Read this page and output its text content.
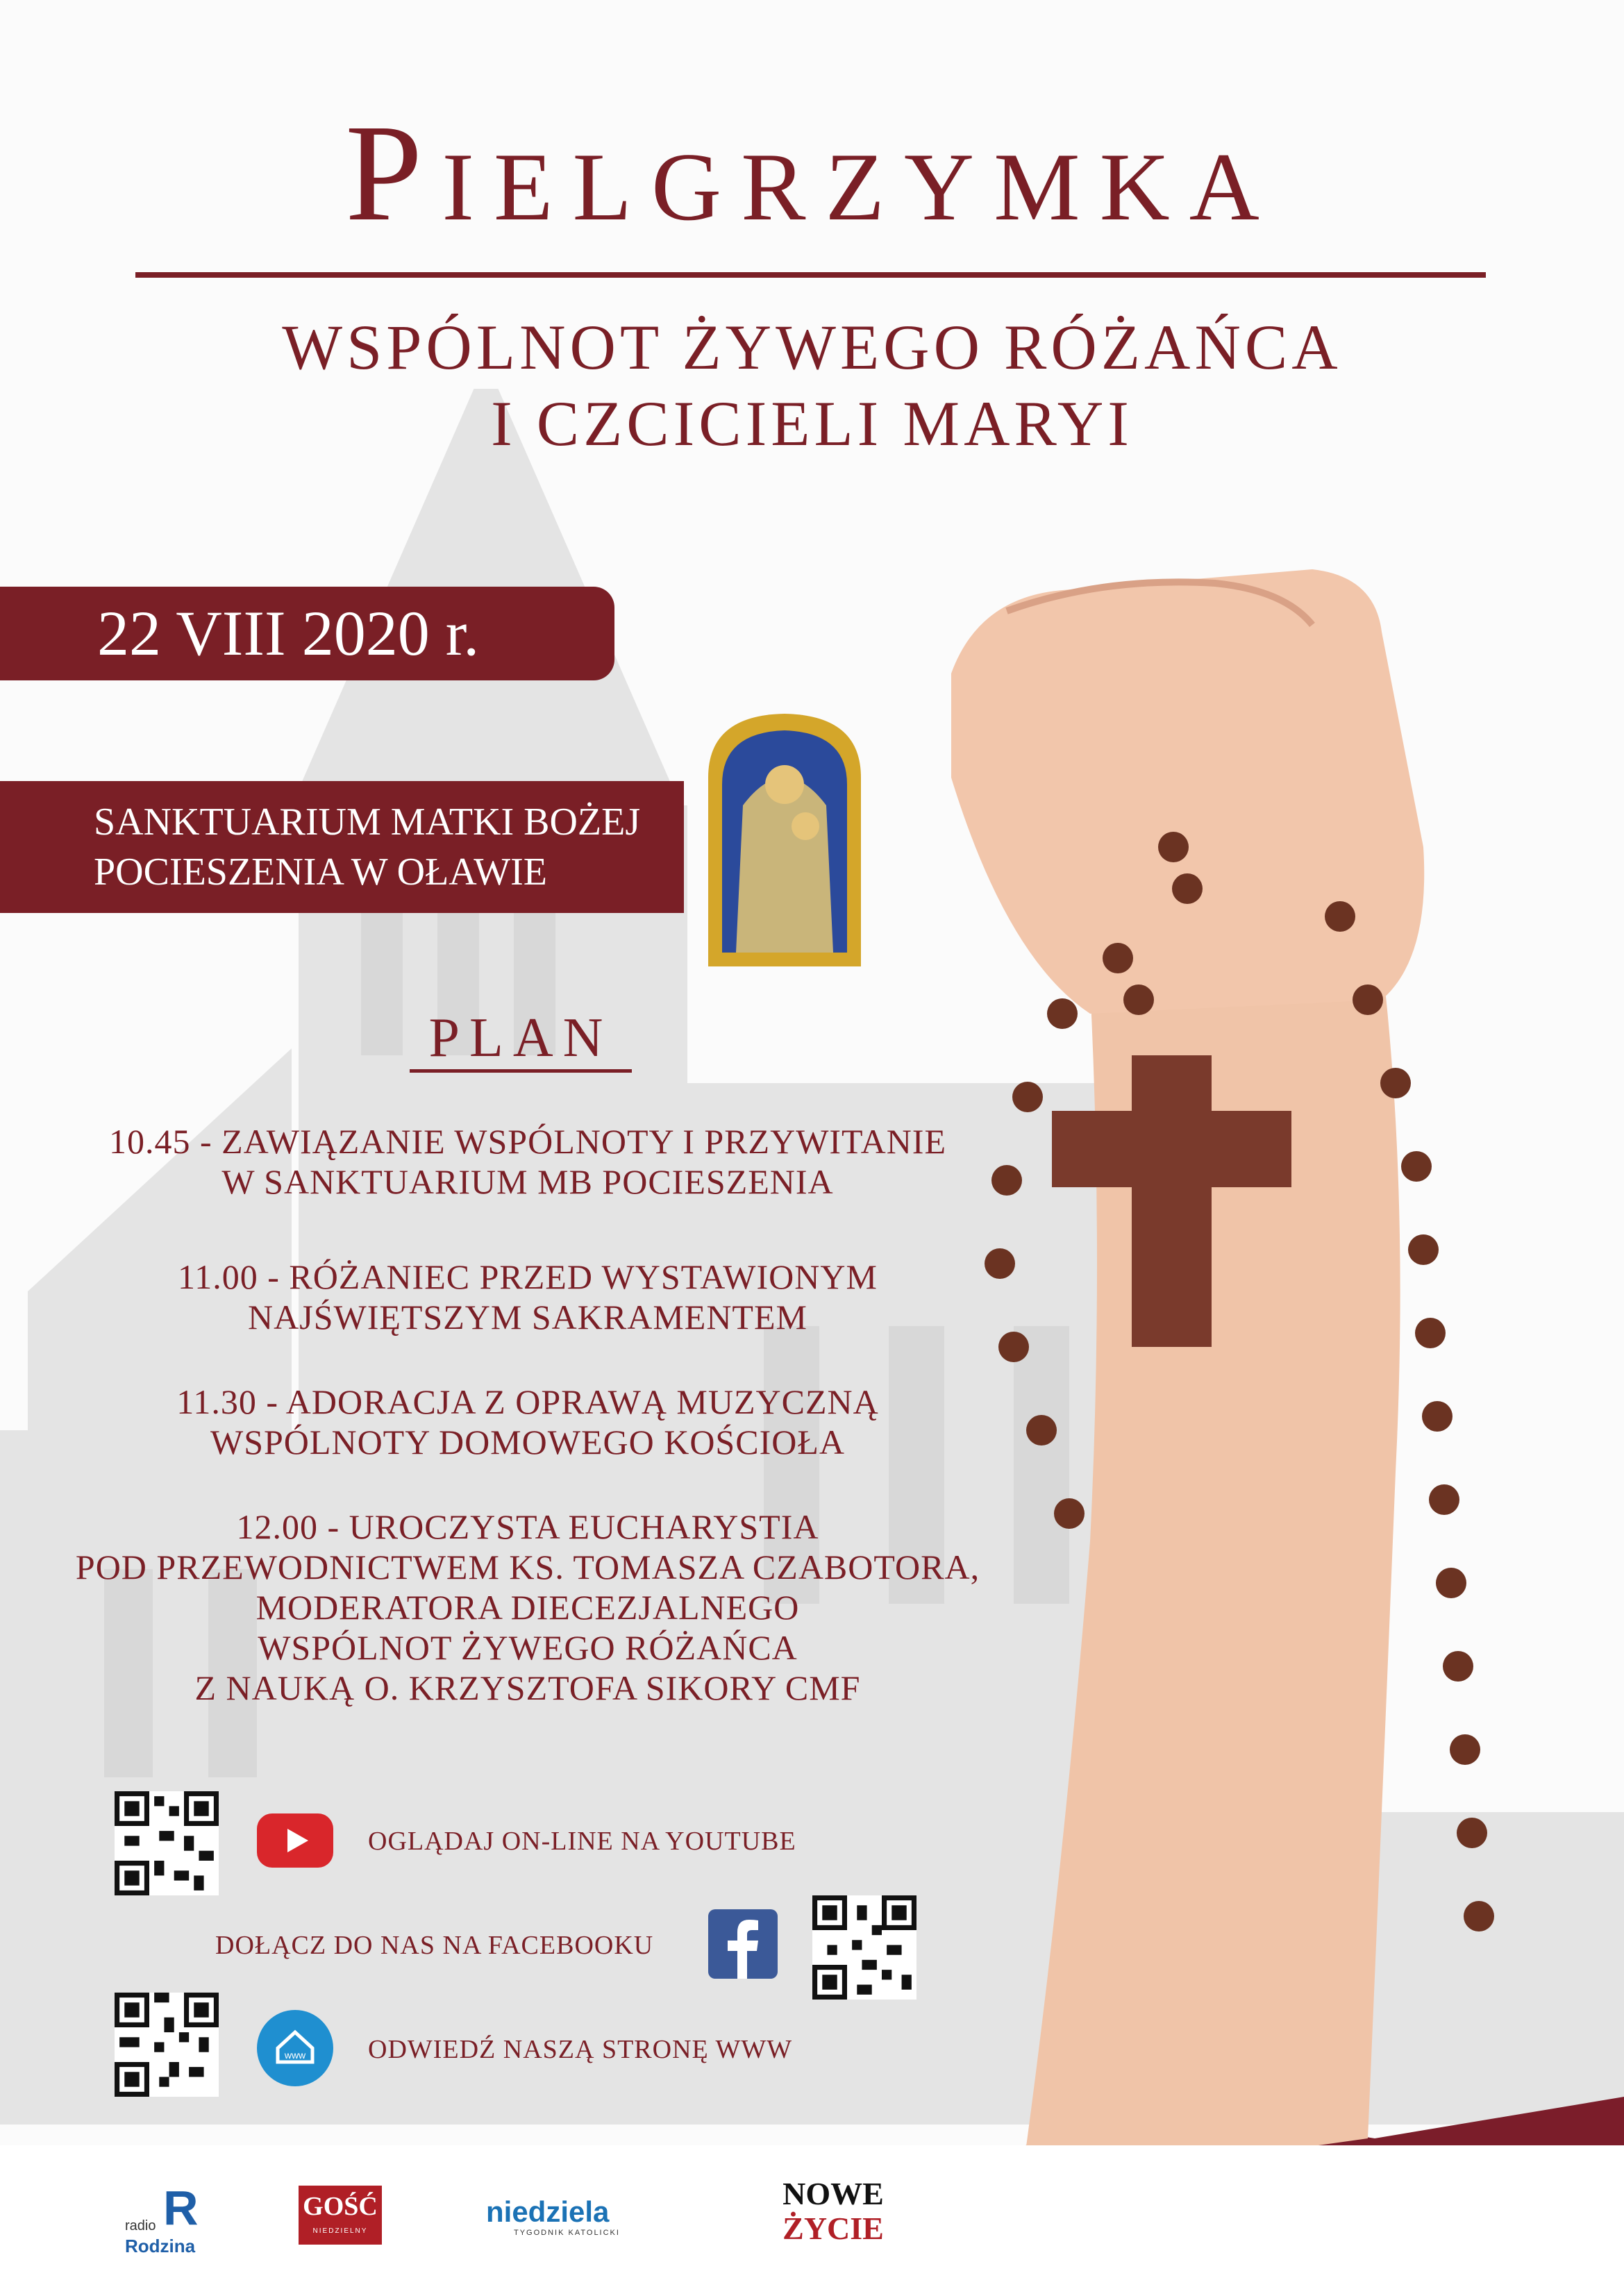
Pielgrzymka
WSPÓLNOT ŻYWEGO RÓŻAŃCA
I CZCICIELI MARYI
22 VIII 2020 r.
SANKTUARIUM MATKI BOŻEJ
POCIESZENIA W OŁAWIE
PLAN
10.45 - ZAWIĄZANIE WSPÓLNOTY I PRZYWITANIE
W SANKTUARIUM MB POCIESZENIA
11.00 - RÓŻANIEC PRZED WYSTAWIONYM
NAJŚWIĘTSZYM SAKRAMENTEM
11.30 - ADORACJA Z OPRAWĄ MUZYCZNĄ
WSPÓLNOTY DOMOWEGO KOŚCIOŁA
12.00 - UROCZYSTA EUCHARYSTIA
POD PRZEWODNICTWEM KS. TOMASZA CZABOTORA,
MODERATORA DIECEZJALNEGO
WSPÓLNOT ŻYWEGO RÓŻAŃCA
Z NAUKĄ O. KRZYSZTOFA SIKORY CMF
OGLĄDAJ ON-LINE NA YOUTUBE
DOŁĄCZ DO NAS NA FACEBOOKU
www ODWIEDŹ NASZĄ STRONĘ WWW
radio
Rodzina
R	GOŚĆ
NIEDZIELNY
niedziela
TYGODNIK KATOLICKI
NOWE
ŻYCIE
